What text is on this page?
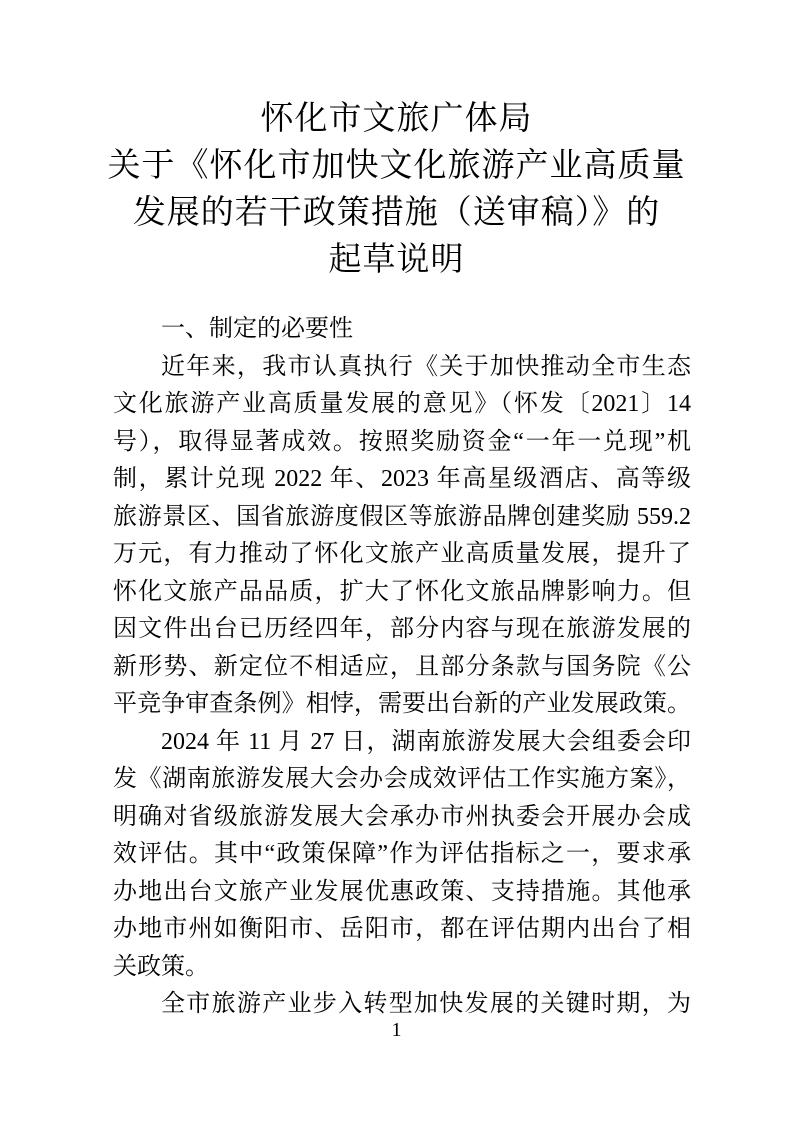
怀化市文旅广体局
关于《怀化市加快文化旅游产业高质量
发展的若干政策措施（送审稿）》的
起草说明
一、制定的必要性
近年来，我市认真执行《关于加快推动全市生态
文化旅游产业高质量发展的意见》（怀发〔2021〕14
号），取得显著成效。按照奖励资金“一年一兑现”机
制，累计兑现 2022 年、2023 年高星级酒店、高等级
旅游景区、国省旅游度假区等旅游品牌创建奖励 559.2
万元，有力推动了怀化文旅产业高质量发展，提升了
怀化文旅产品品质，扩大了怀化文旅品牌影响力。但
因文件出台已历经四年，部分内容与现在旅游发展的
新形势、新定位不相适应，且部分条款与国务院《公
平竞争审查条例》相悖，需要出台新的产业发展政策。
2024 年 11 月 27 日，湖南旅游发展大会组委会印
发《湖南旅游发展大会办会成效评估工作实施方案》，
明确对省级旅游发展大会承办市州执委会开展办会成
效评估。其中“政策保障”作为评估指标之一，要求承
办地出台文旅产业发展优惠政策、支持措施。其他承
办地市州如衡阳市、岳阳市，都在评估期内出台了相
关政策。
全市旅游产业步入转型加快发展的关键时期，为
1
